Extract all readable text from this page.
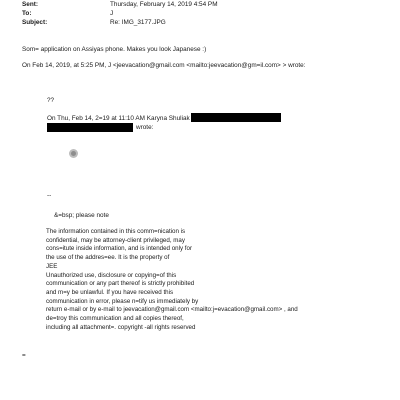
Sent:	Thursday, February 14, 2019 4:54 PM
To:	J
Subject:	Re: IMG_3177.JPG
Som= application on Assiyas phone. Makes you look Japanese :)
On Feb 14, 2019, at 5:25 PM, J <jeevacation@gmail.com <mailto:jeevacation@gm=il.com> > wrote:
??
On Thu, Feb 14, 2=19 at 11:10 AM Karyna Shuliak
wrote:
--
&=bsp; please note
The information contained in this comm=nication is
confidential, may be attorney-client privileged, may
cons=itute inside information, and is intended only for
the use of the addres=ee. It is the property of
JEE
Unauthorized use, disclosure or copying=of this
communication or any part thereof is strictly prohibited
and m=y be unlawful. If you have received this
communication in error, please n=tify us immediately by
return e-mail or by e-mail to jeevacation@gmail.com <mailto:j=evacation@gmail.com> , and
de=troy this communication and all copies thereof,
including all attachment=. copyright -all rights reserved
=
